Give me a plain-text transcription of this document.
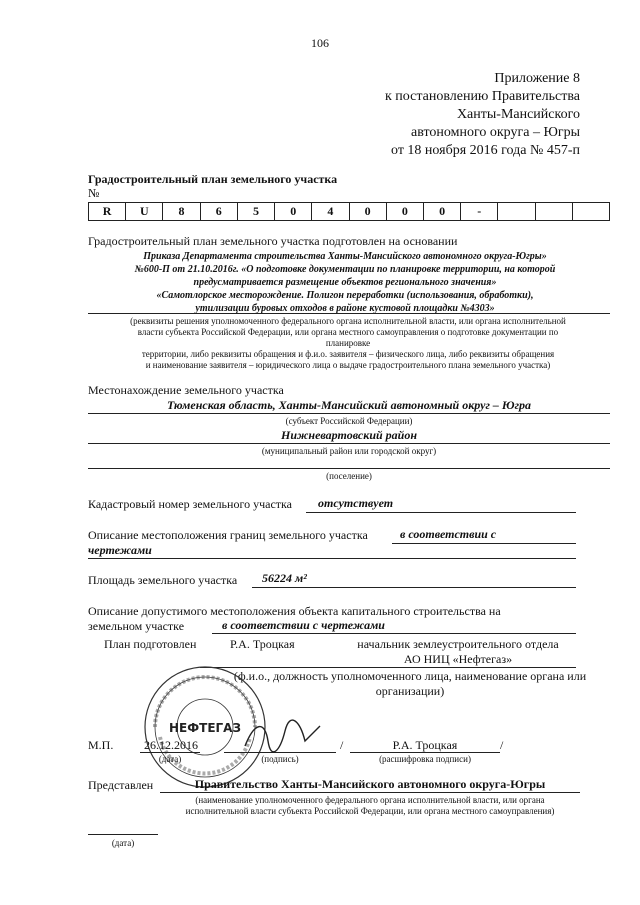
106
Приложение 8
к постановлению Правительства
Ханты-Мансийского
автономного округа – Югры
от 18 ноября 2016 года № 457-п
Градостроительный план земельного участка
№
R	U	8	6	5	0	4	0	0	0	-
Градостроительный план земельного участка подготовлен на основании
Приказа Департамента строительства Ханты-Мансийского автономного округа-Югры»
№600-П от 21.10.2016г. «О подготовке документации по планировке территории, на которой
предусматривается размещение объектов регионального значения»
«Самотлорское месторождение. Полигон переработки (использования, обработки),
утилизации буровых отходов в районе кустовой площадки №4303»
(реквизиты решения уполномоченного федерального органа исполнительной власти, или органа исполнительной
власти субъекта Российской Федерации, или органа местного самоуправления о подготовке документации по
планировке
территории, либо реквизиты обращения и ф.и.о. заявителя – физического лица, либо реквизиты обращения
и наименование заявителя – юридического лица о выдаче градостроительного плана земельного участка)
Местонахождение земельного участка
Тюменская область, Ханты-Мансийский автономный округ – Югра
(субъект Российской Федерации)
Нижневартовский район
(муниципальный район или городской округ)
(поселение)
Кадастровый номер земельного участка отсутствует
Описание местоположения границ земельного участка	в соответствии с
чертежами
Площадь земельного участка 56224 м²
Описание допустимого местоположения объекта капитального строительства на
земельном участке	в соответствии с чертежами
План подготовлен	Р.А. Троцкая	начальник землеустроительного отдела
АО НИЦ «Нефтегаз»
(ф.и.о., должность уполномоченного лица, наименование органа или
организации)
НЕФТЕГАЗ
М.П.	26.12.2016
(дата)	(подпись)
/	Р.А. Троцкая
(расшифровка подписи)
/
Представлен	Правительство Ханты-Мансийского автономного округа-Югры
(наименование уполномоченного федерального органа исполнительной власти, или органа
исполнительной власти субъекта Российской Федерации, или органа местного самоуправления)
(дата)
